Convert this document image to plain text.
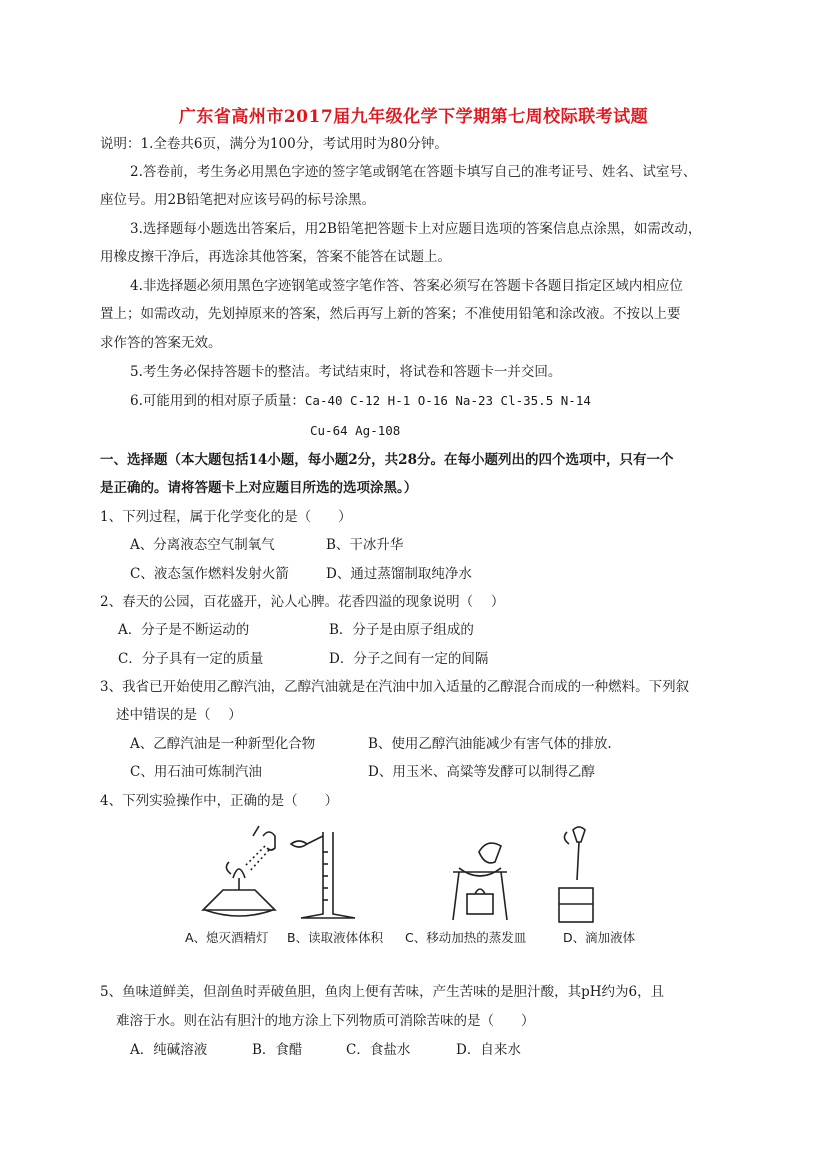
广东省高州市2017届九年级化学下学期第七周校际联考试题
说明：1.全卷共6页，满分为100分，考试用时为80分钟。
2.答卷前，考生务必用黑色字迹的签字笔或钢笔在答题卡填写自己的准考证号、姓名、试室号、
座位号。用2B铅笔把对应该号码的标号涂黑。
3.选择题每小题选出答案后，用2B铅笔把答题卡上对应题目选项的答案信息点涂黑，如需改动，
用橡皮擦干净后，再选涂其他答案，答案不能答在试题上。
4.非选择题必须用黑色字迹钢笔或签字笔作答、答案必须写在答题卡各题目指定区域内相应位
置上；如需改动，先划掉原来的答案，然后再写上新的答案；不准使用铅笔和涂改液。不按以上要
求作答的答案无效。
5.考生务必保持答题卡的整洁。考试结束时，将试卷和答题卡一并交回。
6.可能用到的相对原子质量：Ca-40 C-12 H-1 O-16 Na-23 Cl-35.5 N-14
Cu-64 Ag-108
一、选择题（本大题包括14小题，每小题2分，共28分。在每小题列出的四个选项中，只有一个
是正确的。请将答题卡上对应题目所选的选项涂黑。）
1、下列过程，属于化学变化的是（　　）
A、分离液态空气制氧气	B、干冰升华
C、液态氢作燃料发射火箭	D、通过蒸馏制取纯净水
2、春天的公园，百花盛开，沁人心脾。花香四溢的现象说明（　 ）
A．分子是不断运动的	B．分子是由原子组成的
C．分子具有一定的质量	D．分子之间有一定的间隔
3、我省已开始使用乙醇汽油，乙醇汽油就是在汽油中加入适量的乙醇混合而成的一种燃料。下列叙
述中错误的是（　 ）
A、乙醇汽油是一种新型化合物	B、使用乙醇汽油能减少有害气体的排放.
C、用石油可炼制汽油	D、用玉米、高粱等发酵可以制得乙醇
4、下列实验操作中，正确的是（　　）
A、熄灭酒精灯 B、读取液体体积 C、移动加热的蒸发皿	D、滴加液体
5、鱼味道鲜美，但剖鱼时弄破鱼胆，鱼肉上便有苦味，产生苦味的是胆汁酸，其pH约为6，且
难溶于水。则在沾有胆汁的地方涂上下列物质可消除苦味的是（　　）
A．纯碱溶液	B．食醋	C．食盐水	D．自来水
